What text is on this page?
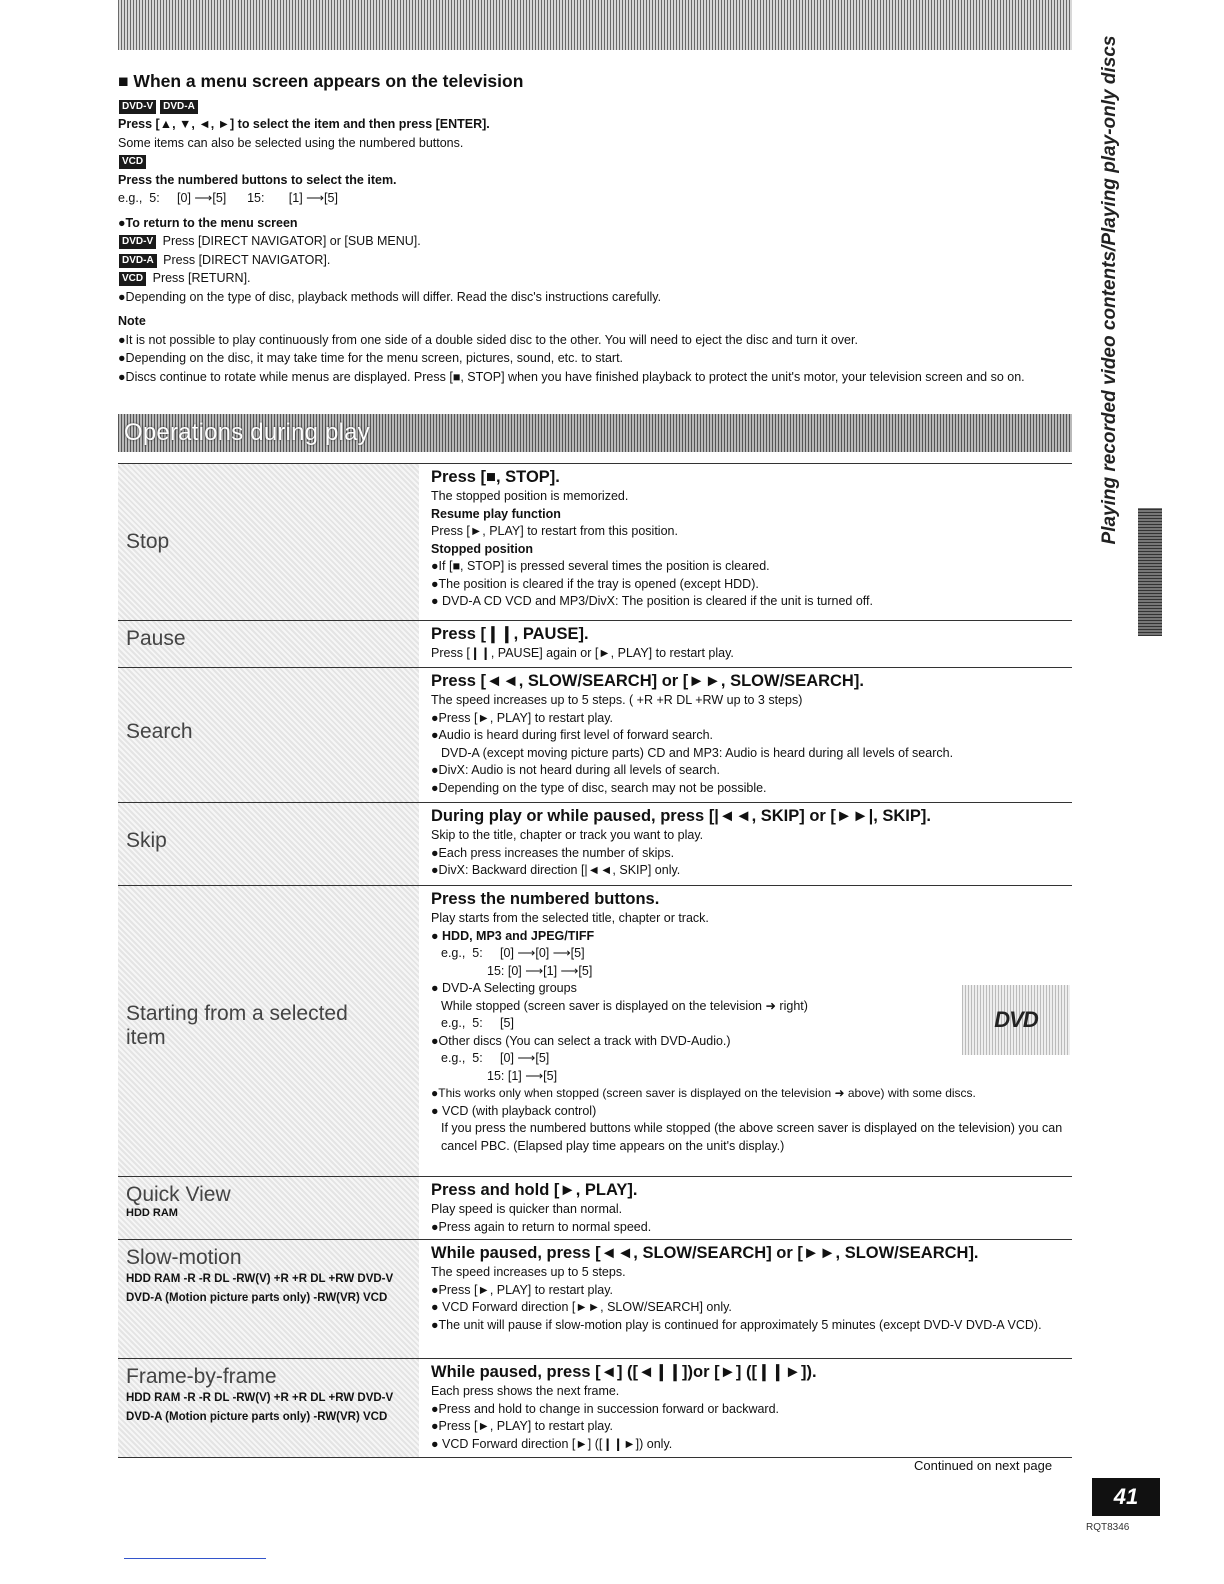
Playing recorded video contents/Playing play-only discs
■ When a menu screen appears on the television
DVD-V DVD-A
Press [▲, ▼, ◄, ►] to select the item and then press [ENTER].
Some items can also be selected using the numbered buttons.
VCD
Press the numbered buttons to select the item.
e.g.,  5:     [0] ⟶[5]      15:       [1] ⟶[5]
●To return to the menu screen
DVD-V Press [DIRECT NAVIGATOR] or [SUB MENU].
DVD-A Press [DIRECT NAVIGATOR].
VCD Press [RETURN].
●Depending on the type of disc, playback methods will differ. Read the disc's instructions carefully.
Note
●It is not possible to play continuously from one side of a double sided disc to the other. You will need to eject the disc and turn it over.
●Depending on the disc, it may take time for the menu screen, pictures, sound, etc. to start.
●Discs continue to rotate while menus are displayed. Press [■, STOP] when you have finished playback to protect the unit's motor, your television screen and so on.
Operations during play
Stop
Press [■, STOP].
The stopped position is memorized.
Resume play function
Press [►, PLAY] to restart from this position.
Stopped position
●If [■, STOP] is pressed several times the position is cleared.
●The position is cleared if the tray is opened (except HDD).
● DVD-A CD VCD and MP3/DivX: The position is cleared if the unit is turned off.
Pause	Press [❙❙, PAUSE].
Press [❙❙, PAUSE] again or [►, PLAY] to restart play.
Search
Press [◄◄, SLOW/SEARCH] or [►►, SLOW/SEARCH].
The speed increases up to 5 steps. ( +R +R DL +RW up to 3 steps)
●Press [►, PLAY] to restart play.
●Audio is heard during first level of forward search.
DVD-A (except moving picture parts) CD and MP3: Audio is heard during all levels of search.
●DivX: Audio is not heard during all levels of search.
●Depending on the type of disc, search may not be possible.
Skip
During play or while paused, press [|◄◄, SKIP] or [►►|, SKIP].
Skip to the title, chapter or track you want to play.
●Each press increases the number of skips.
●DivX: Backward direction [|◄◄, SKIP] only.
Starting from a selected item
Press the numbered buttons.
Play starts from the selected title, chapter or track.
● HDD, MP3 and JPEG/TIFF
e.g.,  5:     [0] ⟶[0] ⟶[5]
15: [0] ⟶[1] ⟶[5]
● DVD-A Selecting groups
While stopped (screen saver is displayed on the television ➜ right)
e.g.,  5:     [5]
●Other discs (You can select a track with DVD-Audio.)
e.g.,  5:     [0] ⟶[5]
15: [1] ⟶[5]
●This works only when stopped (screen saver is displayed on the television ➜ above) with some discs.
● VCD (with playback control)
If you press the numbered buttons while stopped (the above screen saver is displayed on the television) you can cancel PBC. (Elapsed play time appears on the unit's display.)
Quick View
HDD RAM
Press and hold [►, PLAY].
Play speed is quicker than normal.
●Press again to return to normal speed.
Slow-motion
HDD RAM -R -R DL -RW(V) +R +R DL +RW DVD-V DVD-A (Motion picture parts only) -RW(VR) VCD
While paused, press [◄◄, SLOW/SEARCH] or [►►, SLOW/SEARCH].
The speed increases up to 5 steps.
●Press [►, PLAY] to restart play.
● VCD Forward direction [►►, SLOW/SEARCH] only.
●The unit will pause if slow-motion play is continued for approximately 5 minutes (except DVD-V DVD-A VCD).
Frame-by-frame
HDD RAM -R -R DL -RW(V) +R +R DL +RW DVD-V DVD-A (Motion picture parts only) -RW(VR) VCD
While paused, press [◄] ([◄❙❙])or [►] ([❙❙►]).
Each press shows the next frame.
●Press and hold to change in succession forward or backward.
●Press [►, PLAY] to restart play.
● VCD Forward direction [►] ([❙❙►]) only.
DVD
Continued on next page
41
RQT8346
